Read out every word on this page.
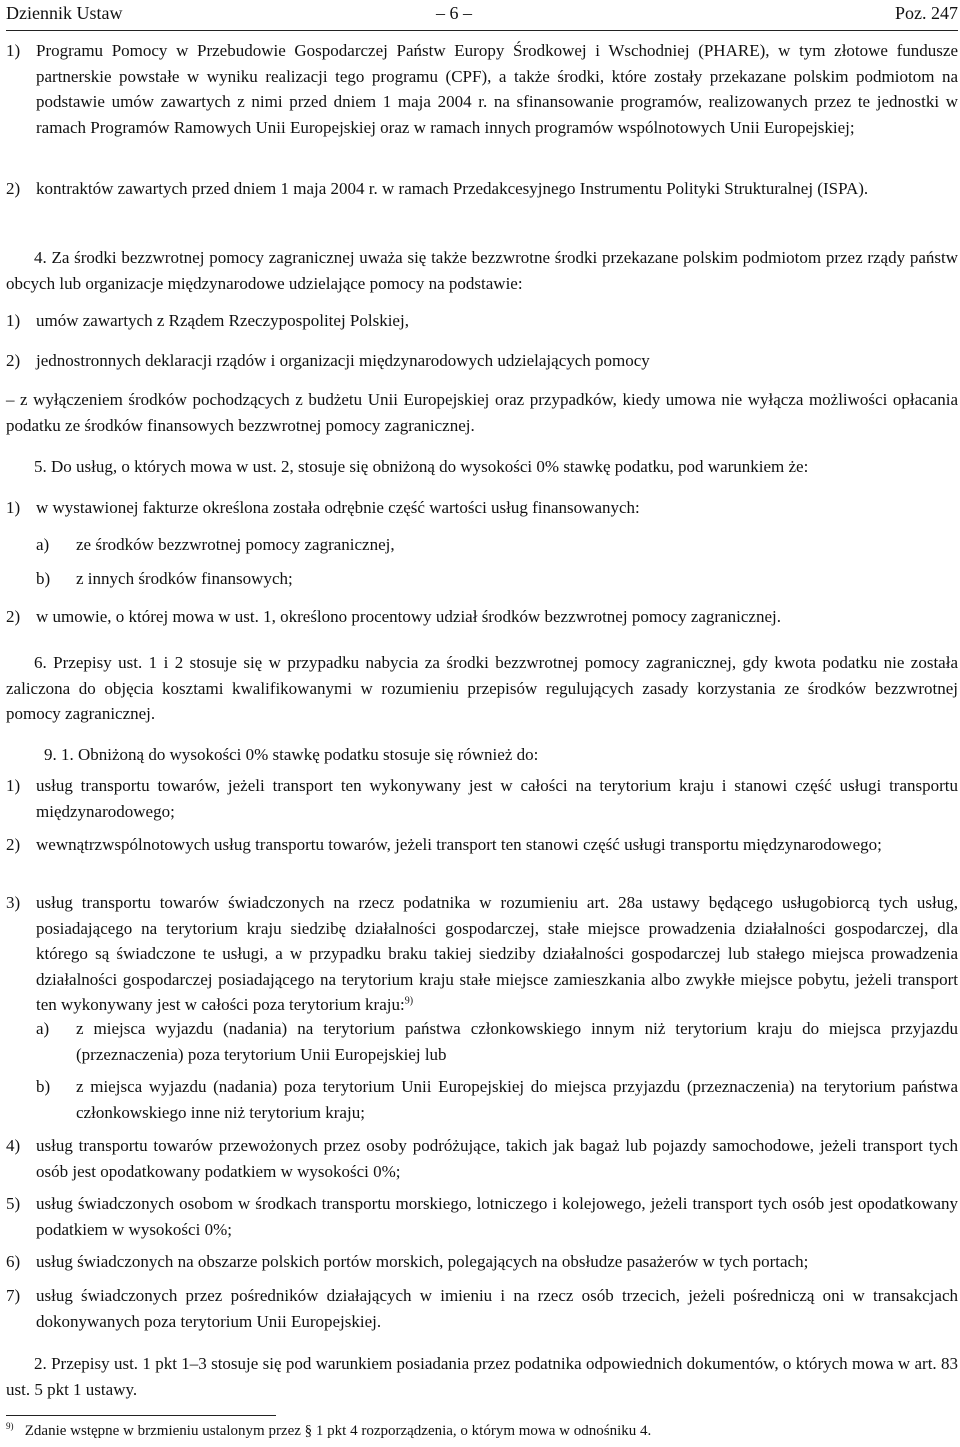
Dziennik Ustaw	– 6 –	Poz. 247
1) Programu Pomocy w Przebudowie Gospodarczej Państw Europy Środkowej i Wschodniej (PHARE), w tym złotowe fundusze partnerskie powstałe w wyniku realizacji tego programu (CPF), a także środki, które zostały przekazane polskim podmiotom na podstawie umów zawartych z nimi przed dniem 1 maja 2004 r. na sfinansowanie programów, realizowanych przez te jednostki w ramach Programów Ramowych Unii Europejskiej oraz w ramach innych programów wspólnotowych Unii Europejskiej;
2) kontraktów zawartych przed dniem 1 maja 2004 r. w ramach Przedakcesyjnego Instrumentu Polityki Strukturalnej (ISPA).

4. Za środki bezzwrotnej pomocy zagranicznej uważa się także bezzwrotne środki przekazane polskim podmiotom przez rządy państw obcych lub organizacje międzynarodowe udzielające pomocy na podstawie:

1) umów zawartych z Rządem Rzeczypospolitej Polskiej,
2) jednostronnych deklaracji rządów i organizacji międzynarodowych udzielających pomocy

– z wyłączeniem środków pochodzących z budżetu Unii Europejskiej oraz przypadków, kiedy umowa nie wyłącza możliwości opłacania podatku ze środków finansowych bezzwrotnej pomocy zagranicznej.

5. Do usług, o których mowa w ust. 2, stosuje się obniżoną do wysokości 0% stawkę podatku, pod warunkiem że:

1) w wystawionej fakturze określona została odrębnie część wartości usług finansowanych:
a) ze środków bezzwrotnej pomocy zagranicznej,
b) z innych środków finansowych;
2) w umowie, o której mowa w ust. 1, określono procentowy udział środków bezzwrotnej pomocy zagranicznej.

6. Przepisy ust. 1 i 2 stosuje się w przypadku nabycia za środki bezzwrotnej pomocy zagranicznej, gdy kwota podatku nie została zaliczona do objęcia kosztami kwalifikowanymi w rozumieniu przepisów regulujących zasady korzystania ze środków bezzwrotnej pomocy zagranicznej.

9. 1. Obniżoną do wysokości 0% stawkę podatku stosuje się również do:

1) usług transportu towarów, jeżeli transport ten wykonywany jest w całości na terytorium kraju i stanowi część usługi transportu międzynarodowego;
2) wewnątrzwspólnotowych usług transportu towarów, jeżeli transport ten stanowi część usługi transportu międzynarodowego;
3) usług transportu towarów świadczonych na rzecz podatnika w rozumieniu art. 28a ustawy będącego usługobiorcą tych usług, posiadającego na terytorium kraju siedzibę działalności gospodarczej, stałe miejsce prowadzenia działalności gospodarczej, dla którego są świadczone te usługi, a w przypadku braku takiej siedziby działalności gospodarczej lub stałego miejsca prowadzenia działalności gospodarczej posiadającego na terytorium kraju stałe miejsce zamieszkania albo zwykłe miejsce pobytu, jeżeli transport ten wykonywany jest w całości poza terytorium kraju:$^{9)}$
a) z miejsca wyjazdu (nadania) na terytorium państwa członkowskiego innym niż terytorium kraju do miejsca przyjazdu (przeznaczenia) poza terytorium Unii Europejskiej lub
b) z miejsca wyjazdu (nadania) poza terytorium Unii Europejskiej do miejsca przyjazdu (przeznaczenia) na terytorium państwa członkowskiego inne niż terytorium kraju;
4) usług transportu towarów przewożonych przez osoby podróżujące, takich jak bagaż lub pojazdy samochodowe, jeżeli transport tych osób jest opodatkowany podatkiem w wysokości 0%;
5) usług świadczonych osobom w środkach transportu morskiego, lotniczego i kolejowego, jeżeli transport tych osób jest opodatkowany podatkiem w wysokości 0%;
6) usług świadczonych na obszarze polskich portów morskich, polegających na obsłudze pasażerów w tych portach;
7) usług świadczonych przez pośredników działających w imieniu i na rzecz osób trzecich, jeżeli pośredniczą oni w transakcjach dokonywanych poza terytorium Unii Europejskiej.

2. Przepisy ust. 1 pkt 1–3 stosuje się pod warunkiem posiadania przez podatnika odpowiednich dokumentów, o których mowa w art. 83 ust. 5 pkt 1 ustawy.

$^{9)}$ Zdanie wstępne w brzmieniu ustalonym przez § 1 pkt 4 rozporządzenia, o którym mowa w odnośniku 4.
